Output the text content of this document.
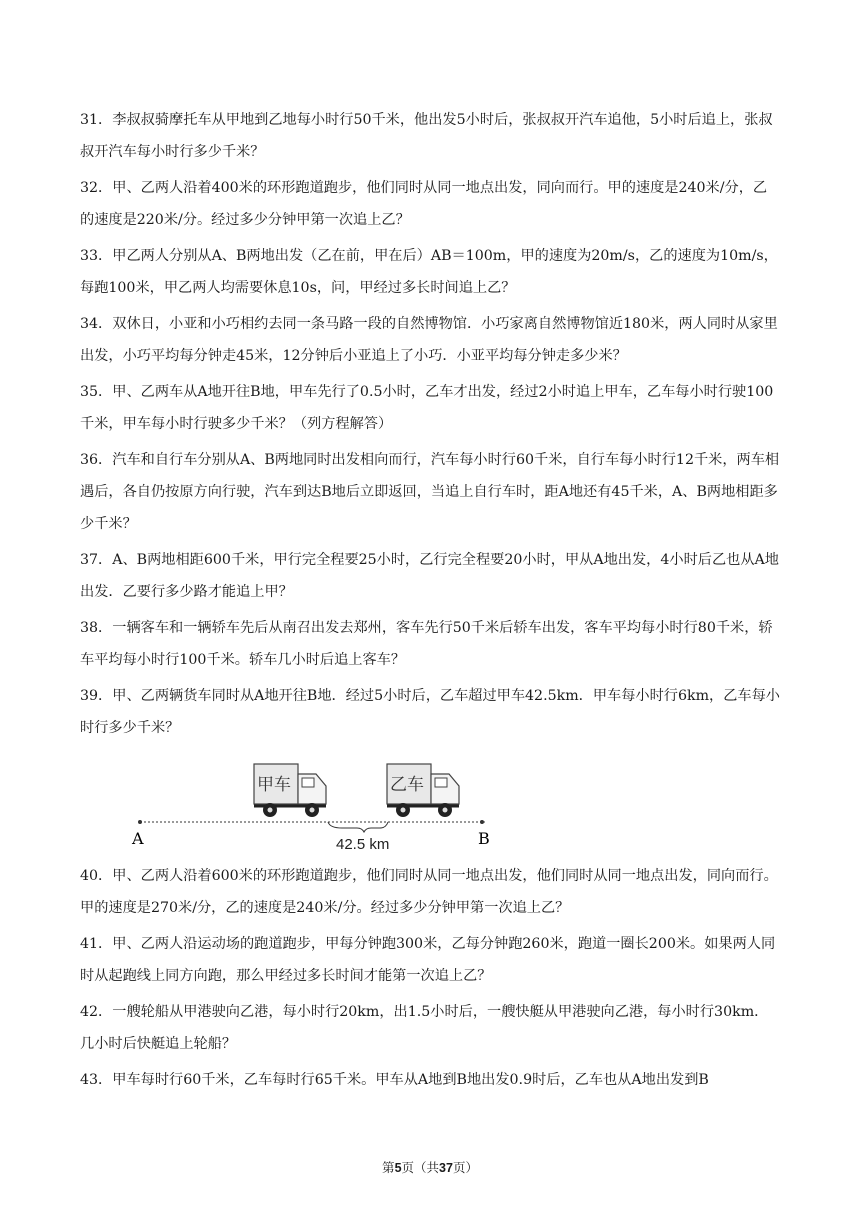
31．李叔叔骑摩托车从甲地到乙地每小时行50千米，他出发5小时后，张叔叔开汽车追他，5小时后追上，张叔叔开汽车每小时行多少千米？
32．甲、乙两人沿着400米的环形跑道跑步，他们同时从同一地点出发，同向而行。甲的速度是240米/分，乙的速度是220米/分。经过多少分钟甲第一次追上乙？
33．甲乙两人分别从A、B两地出发（乙在前，甲在后）AB＝100m，甲的速度为20m/s，乙的速度为10m/s，每跑100米，甲乙两人均需要休息10s，问，甲经过多长时间追上乙？
34．双休日，小亚和小巧相约去同一条马路一段的自然博物馆．小巧家离自然博物馆近180米，两人同时从家里出发，小巧平均每分钟走45米，12分钟后小亚追上了小巧．小亚平均每分钟走多少米？
35．甲、乙两车从A地开往B地，甲车先行了0.5小时，乙车才出发，经过2小时追上甲车，乙车每小时行驶100千米，甲车每小时行驶多少千米？（列方程解答）
36．汽车和自行车分别从A、B两地同时出发相向而行，汽车每小时行60千米，自行车每小时行12千米，两车相遇后，各自仍按原方向行驶，汽车到达B地后立即返回，当追上自行车时，距A地还有45千米，A、B两地相距多少千米？
37．A、B两地相距600千米，甲行完全程要25小时，乙行完全程要20小时，甲从A地出发，4小时后乙也从A地出发．乙要行多少路才能追上甲？
38．一辆客车和一辆轿车先后从南召出发去郑州，客车先行50千米后轿车出发，客车平均每小时行80千米，轿车平均每小时行100千米。轿车几小时后追上客车？
39．甲、乙两辆货车同时从A地开往B地．经过5小时后，乙车超过甲车42.5km．甲车每小时行6km，乙车每小时行多少千米？
A	B
甲车	乙车
42.5 km
40．甲、乙两人沿着600米的环形跑道跑步，他们同时从同一地点出发，他们同时从同一地点出发，同向而行。甲的速度是270米/分，乙的速度是240米/分。经过多少分钟甲第一次追上乙？
41．甲、乙两人沿运动场的跑道跑步，甲每分钟跑300米，乙每分钟跑260米，跑道一圈长200米。如果两人同时从起跑线上同方向跑，那么甲经过多长时间才能第一次追上乙？
42．一艘轮船从甲港驶向乙港，每小时行20km，出1.5小时后，一艘快艇从甲港驶向乙港，每小时行30km．几小时后快艇追上轮船？
43．甲车每时行60千米，乙车每时行65千米。甲车从A地到B地出发0.9时后，乙车也从A地出发到B
第5页（共37页）
